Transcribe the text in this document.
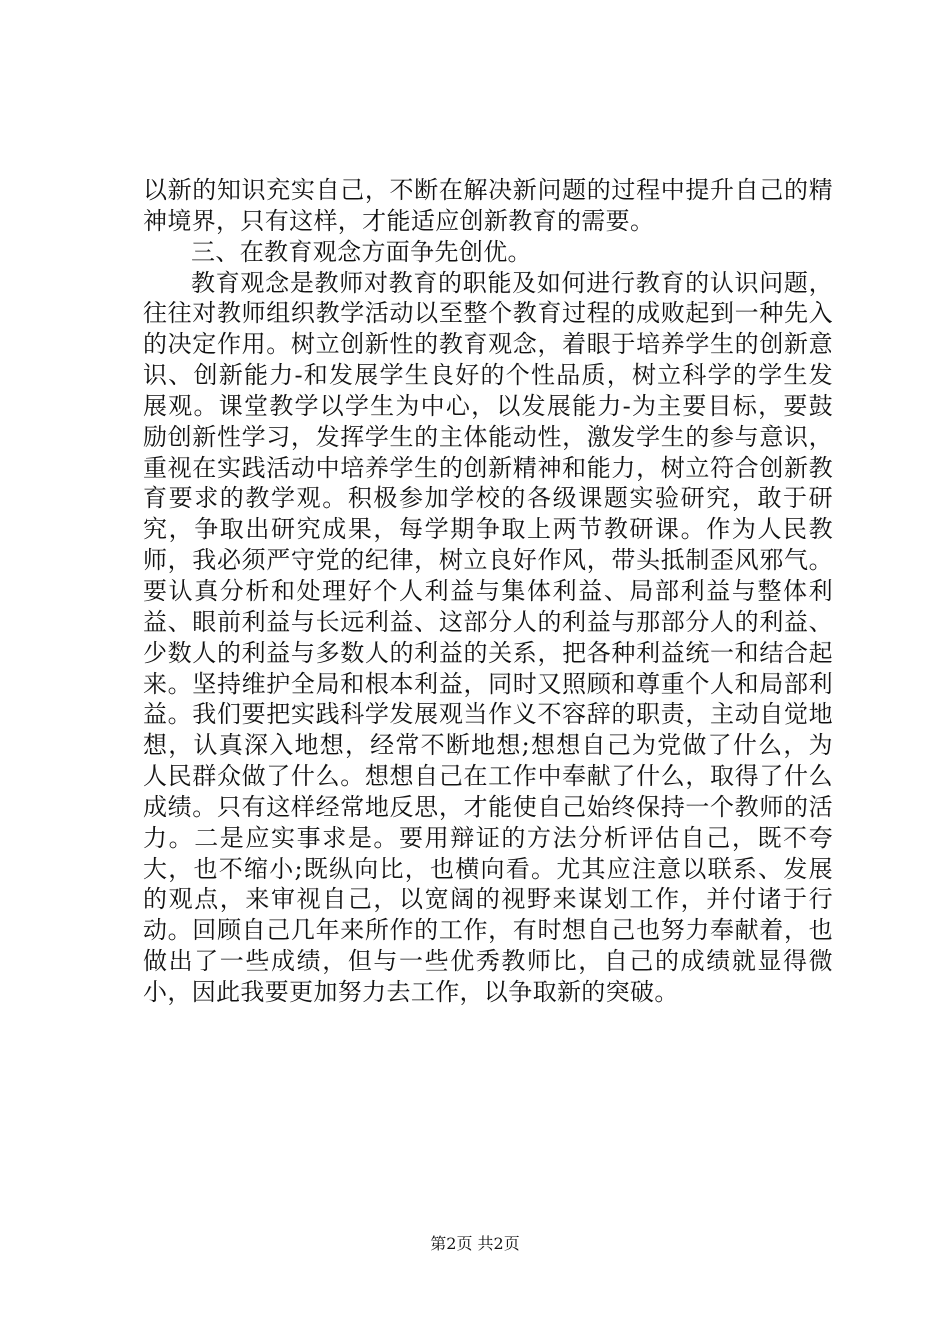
以新的知识充实自己，不断在解决新问题的过程中提升自己的精神境界，只有这样，才能适应创新教育的需要。

三、在教育观念方面争先创优。

教育观念是教师对教育的职能及如何进行教育的认识问题，往往对教师组织教学活动以至整个教育过程的成败起到一种先入的决定作用。树立创新性的教育观念，着眼于培养学生的创新意识、创新能力-和发展学生良好的个性品质，树立科学的学生发展观。课堂教学以学生为中心，以发展能力-为主要目标，要鼓励创新性学习，发挥学生的主体能动性，激发学生的参与意识，重视在实践活动中培养学生的创新精神和能力，树立符合创新教育要求的教学观。积极参加学校的各级课题实验研究，敢于研究，争取出研究成果，每学期争取上两节教研课。作为人民教师，我必须严守党的纪律，树立良好作风，带头抵制歪风邪气。要认真分析和处理好个人利益与集体利益、局部利益与整体利益、眼前利益与长远利益、这部分人的利益与那部分人的利益、少数人的利益与多数人的利益的关系，把各种利益统一和结合起来。坚持维护全局和根本利益，同时又照顾和尊重个人和局部利益。我们要把实践科学发展观当作义不容辞的职责，主动自觉地想，认真深入地想，经常不断地想;想想自己为党做了什么，为人民群众做了什么。想想自己在工作中奉献了什么，取得了什么成绩。只有这样经常地反思，才能使自己始终保持一个教师的活力。二是应实事求是。要用辩证的方法分析评估自己，既不夸大，也不缩小;既纵向比，也横向看。尤其应注意以联系、发展的观点，来审视自己，以宽阔的视野来谋划工作，并付诸于行动。回顾自己几年来所作的工作，有时想自己也努力奉献着，也做出了一些成绩，但与一些优秀教师比，自己的成绩就显得微小，因此我要更加努力去工作，以争取新的突破。

第2页 共2页
